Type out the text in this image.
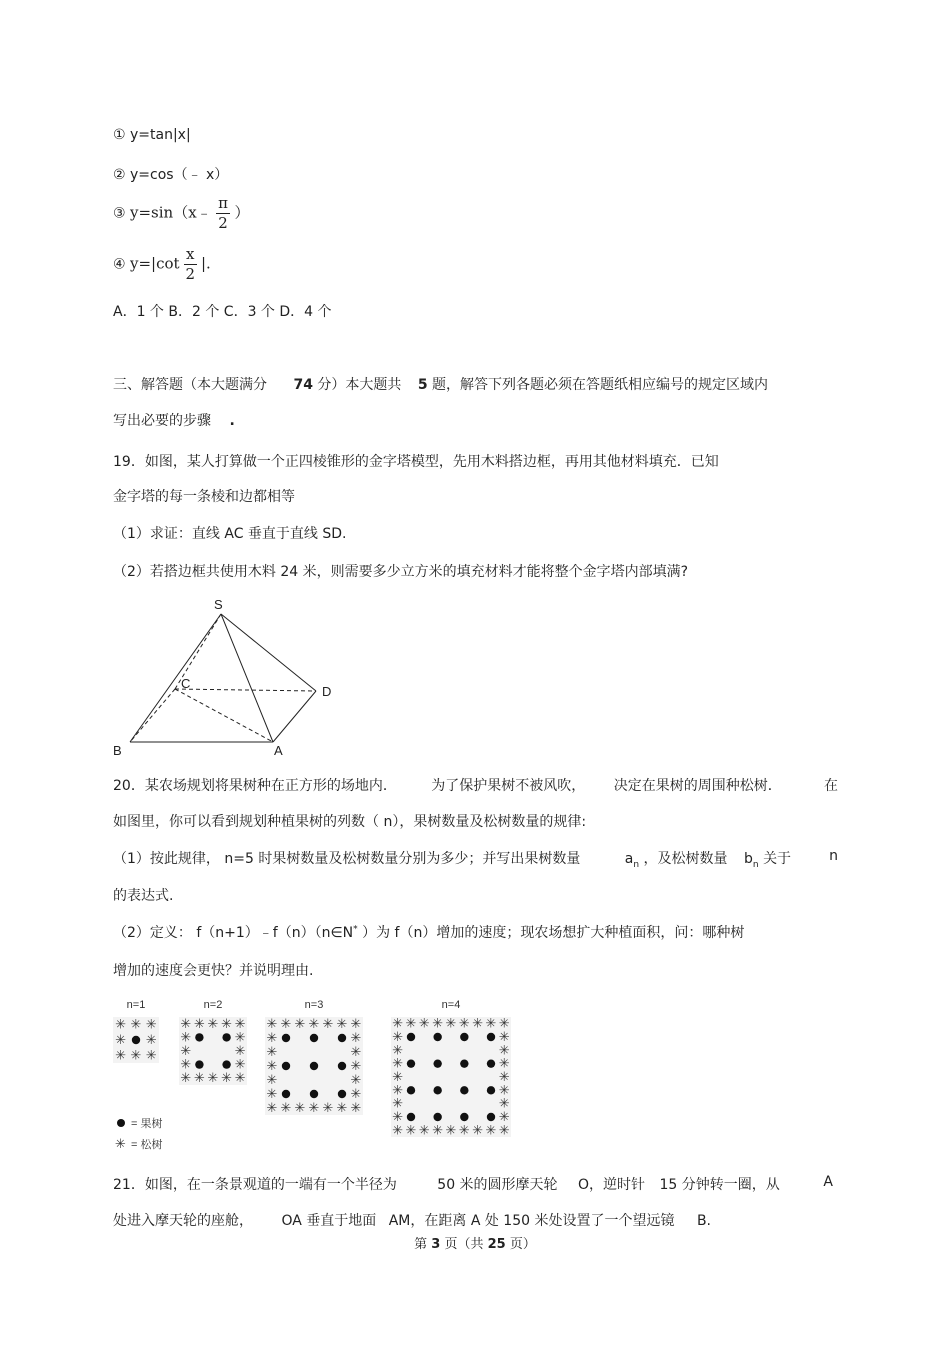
① y=tan|x|
② y=cos（﹣ x）
③ y=sin（x﹣ $\frac{\pi}{2}$ ）
④ $y=|\cot \frac{x}{2}$ |.
A．1 个 B．2 个 C．3 个 D．4 个
三、解答题（本大题满分 74 分）本大题共 5 题，解答下列各题必须在答题纸相应编号的规定区域内
写出必要的步骤 .
19．如图，某人打算做一个正四棱锥形的金字塔模型，先用木料搭边框，再用其他材料填充．已知
金字塔的每一条棱和边都相等
（1）求证：直线 AC 垂直于直线 SD.
（2）若搭边框共使用木料 24 米，则需要多少立方米的填充材料才能将整个金字塔内部填满?
S
C
D
B	A
20．某农场规划将果树种在正方形的场地内． 为了保护果树不被风吹， 决定在果树的周围种松树．	在
如图里，你可以看到规划种植果树的列数（ n），果树数量及松树数量的规律:
（1）按此规律， n=5 时果树数量及松树数量分别为多少；并写出果树数量	$a_n$ ，及松树数量 $b_n$ 关于	n
的表达式.
（2）定义： f（n+1）﹣f（n）（n∈N* ）为 f（n）增加的速度；现农场想扩大种植面积，问：哪种树
增加的速度会更快？并说明理由.
n=1
✳ ✳ ✳
✳ ✳
✳ ✳ ✳
n=2
✳ ✳ ✳ ✳ ✳
✳	✳
✳	✳
✳	✳
✳ ✳ ✳ ✳ ✳
n=3
✳ ✳ ✳ ✳ ✳ ✳ ✳
✳	✳
✳	✳
✳	✳
✳	✳
✳	✳
✳ ✳ ✳ ✳ ✳ ✳ ✳
n=4
✳ ✳ ✳ ✳ ✳ ✳ ✳ ✳ ✳
✳	✳
✳	✳
✳	✳
✳	✳
✳	✳
✳	✳
✳	✳
✳ ✳ ✳ ✳ ✳ ✳ ✳ ✳ ✳
= 果树
✳ = 松树
21．如图，在一条景观道的一端有一个半径为	50 米的圆形摩天轮 O，逆时针 15 分钟转一圈，从	A
处进入摩天轮的座舱， OA 垂直于地面 AM，在距离 A 处 150 米处设置了一个望远镜 B.
第 3 页（共 25 页）
